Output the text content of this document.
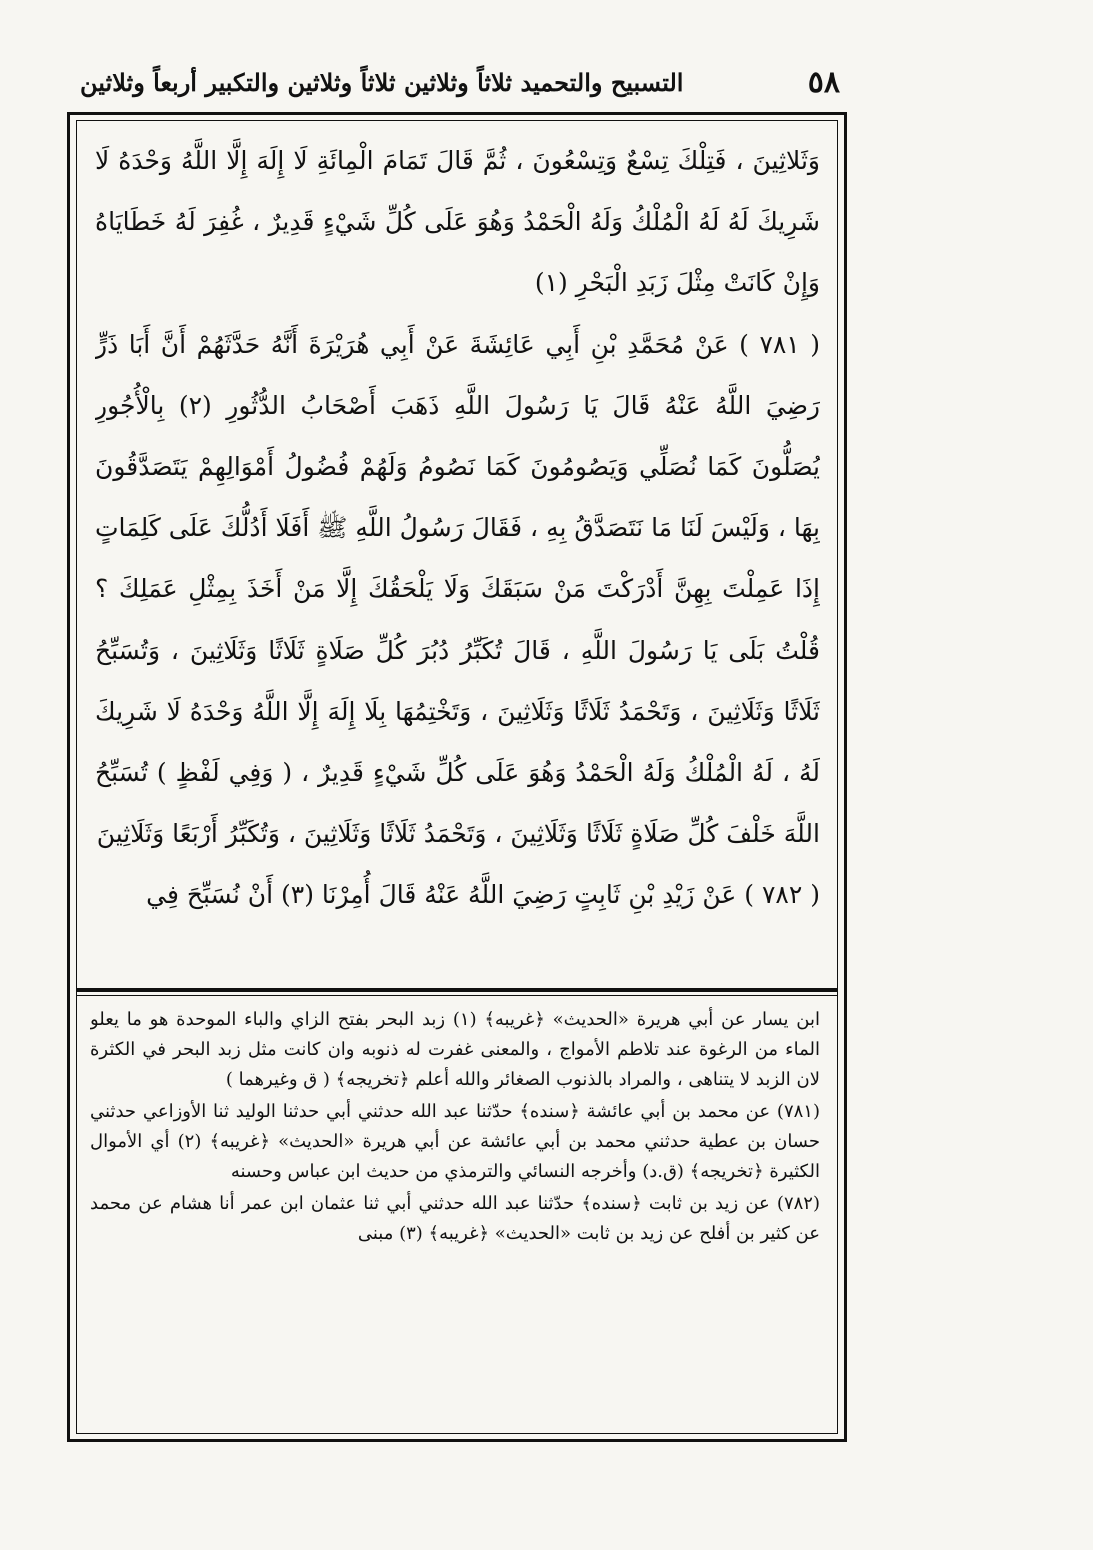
٥٨
التسبيح والتحميد ثلاثاً وثلاثين ثلاثاً وثلاثين والتكبير أربعاً وثلاثين

وَثَلاثِينَ ، فَتِلْكَ تِسْعٌ وَتِسْعُونَ ، ثُمَّ قَالَ تَمَامَ الْمِائَةِ لَا إِلَهَ إِلَّا اللَّهُ وَحْدَهُ لَا شَرِيكَ لَهُ لَهُ الْمُلْكُ وَلَهُ الْحَمْدُ وَهُوَ عَلَى كُلِّ شَيْءٍ قَدِيرٌ ، غُفِرَ لَهُ خَطَايَاهُ وَإِنْ كَانَتْ مِثْلَ زَبَدِ الْبَحْرِ (١)

( ٧٨١ ) عَنْ مُحَمَّدِ بْنِ أَبِي عَائِشَةَ عَنْ أَبِي هُرَيْرَةَ أَنَّهُ حَدَّثَهُمْ أَنَّ أَبَا ذَرٍّ رَضِيَ اللَّهُ عَنْهُ قَالَ يَا رَسُولَ اللَّهِ ذَهَبَ أَصْحَابُ الدُّثُورِ (٢) بِالْأُجُورِ يُصَلُّونَ كَمَا نُصَلِّي وَيَصُومُونَ كَمَا نَصُومُ وَلَهُمْ فُضُولُ أَمْوَالِهِمْ يَتَصَدَّقُونَ بِهَا ، وَلَيْسَ لَنَا مَا نَتَصَدَّقُ بِهِ ، فَقَالَ رَسُولُ اللَّهِ ﷺ أَفَلَا أَدُلُّكَ عَلَى كَلِمَاتٍ إِذَا عَمِلْتَ بِهِنَّ أَدْرَكْتَ مَنْ سَبَقَكَ وَلَا يَلْحَقُكَ إِلَّا مَنْ أَخَذَ بِمِثْلِ عَمَلِكَ ؟ قُلْتُ بَلَى يَا رَسُولَ اللَّهِ ، قَالَ تُكَبِّرُ دُبُرَ كُلِّ صَلَاةٍ ثَلَاثًا وَثَلَاثِينَ ، وَتُسَبِّحُ ثَلَاثًا وَثَلَاثِينَ ، وَتَحْمَدُ ثَلَاثًا وَثَلَاثِينَ ، وَتَخْتِمُهَا بِلَا إِلَهَ إِلَّا اللَّهُ وَحْدَهُ لَا شَرِيكَ لَهُ ، لَهُ الْمُلْكُ وَلَهُ الْحَمْدُ وَهُوَ عَلَى كُلِّ شَيْءٍ قَدِيرٌ ، ( وَفِي لَفْظٍ ) تُسَبِّحُ اللَّهَ خَلْفَ كُلِّ صَلَاةٍ ثَلَاثًا وَثَلَاثِينَ ، وَتَحْمَدُ ثَلَاثًا وَثَلَاثِينَ ، وَتُكَبِّرُ أَرْبَعًا وَثَلَاثِينَ

( ٧٨٢ ) عَنْ زَيْدِ بْنِ ثَابِتٍ رَضِيَ اللَّهُ عَنْهُ قَالَ أُمِرْنَا (٣) أَنْ نُسَبِّحَ فِي

ابن يسار عن أبي هريرة «الحديث» ﴿غريبه﴾ (١) زبد البحر بفتح الزاي والباء الموحدة هو ما يعلو الماء من الرغوة عند تلاطم الأمواج ، والمعنى غفرت له ذنوبه وان كانت مثل زبد البحر في الكثرة لان الزبد لا يتناهى ، والمراد بالذنوب الصغائر والله أعلم ﴿تخريجه﴾ ( ق وغيرهما )

(٧٨١) عن محمد بن أبي عائشة ﴿سنده﴾ حدّثنا عبد الله حدثني أبي حدثنا الوليد ثنا الأوزاعي حدثني حسان بن عطية حدثني محمد بن أبي عائشة عن أبي هريرة «الحديث» ﴿غريبه﴾ (٢) أي الأموال الكثيرة ﴿تخريجه﴾ (ق.د) وأخرجه النسائي والترمذي من حديث ابن عباس وحسنه

(٧٨٢) عن زيد بن ثابت ﴿سنده﴾ حدّثنا عبد الله حدثني أبي ثنا عثمان ابن عمر أنا هشام عن محمد عن كثير بن أفلح عن زيد بن ثابت «الحديث» ﴿غريبه﴾ (٣) مبنى
